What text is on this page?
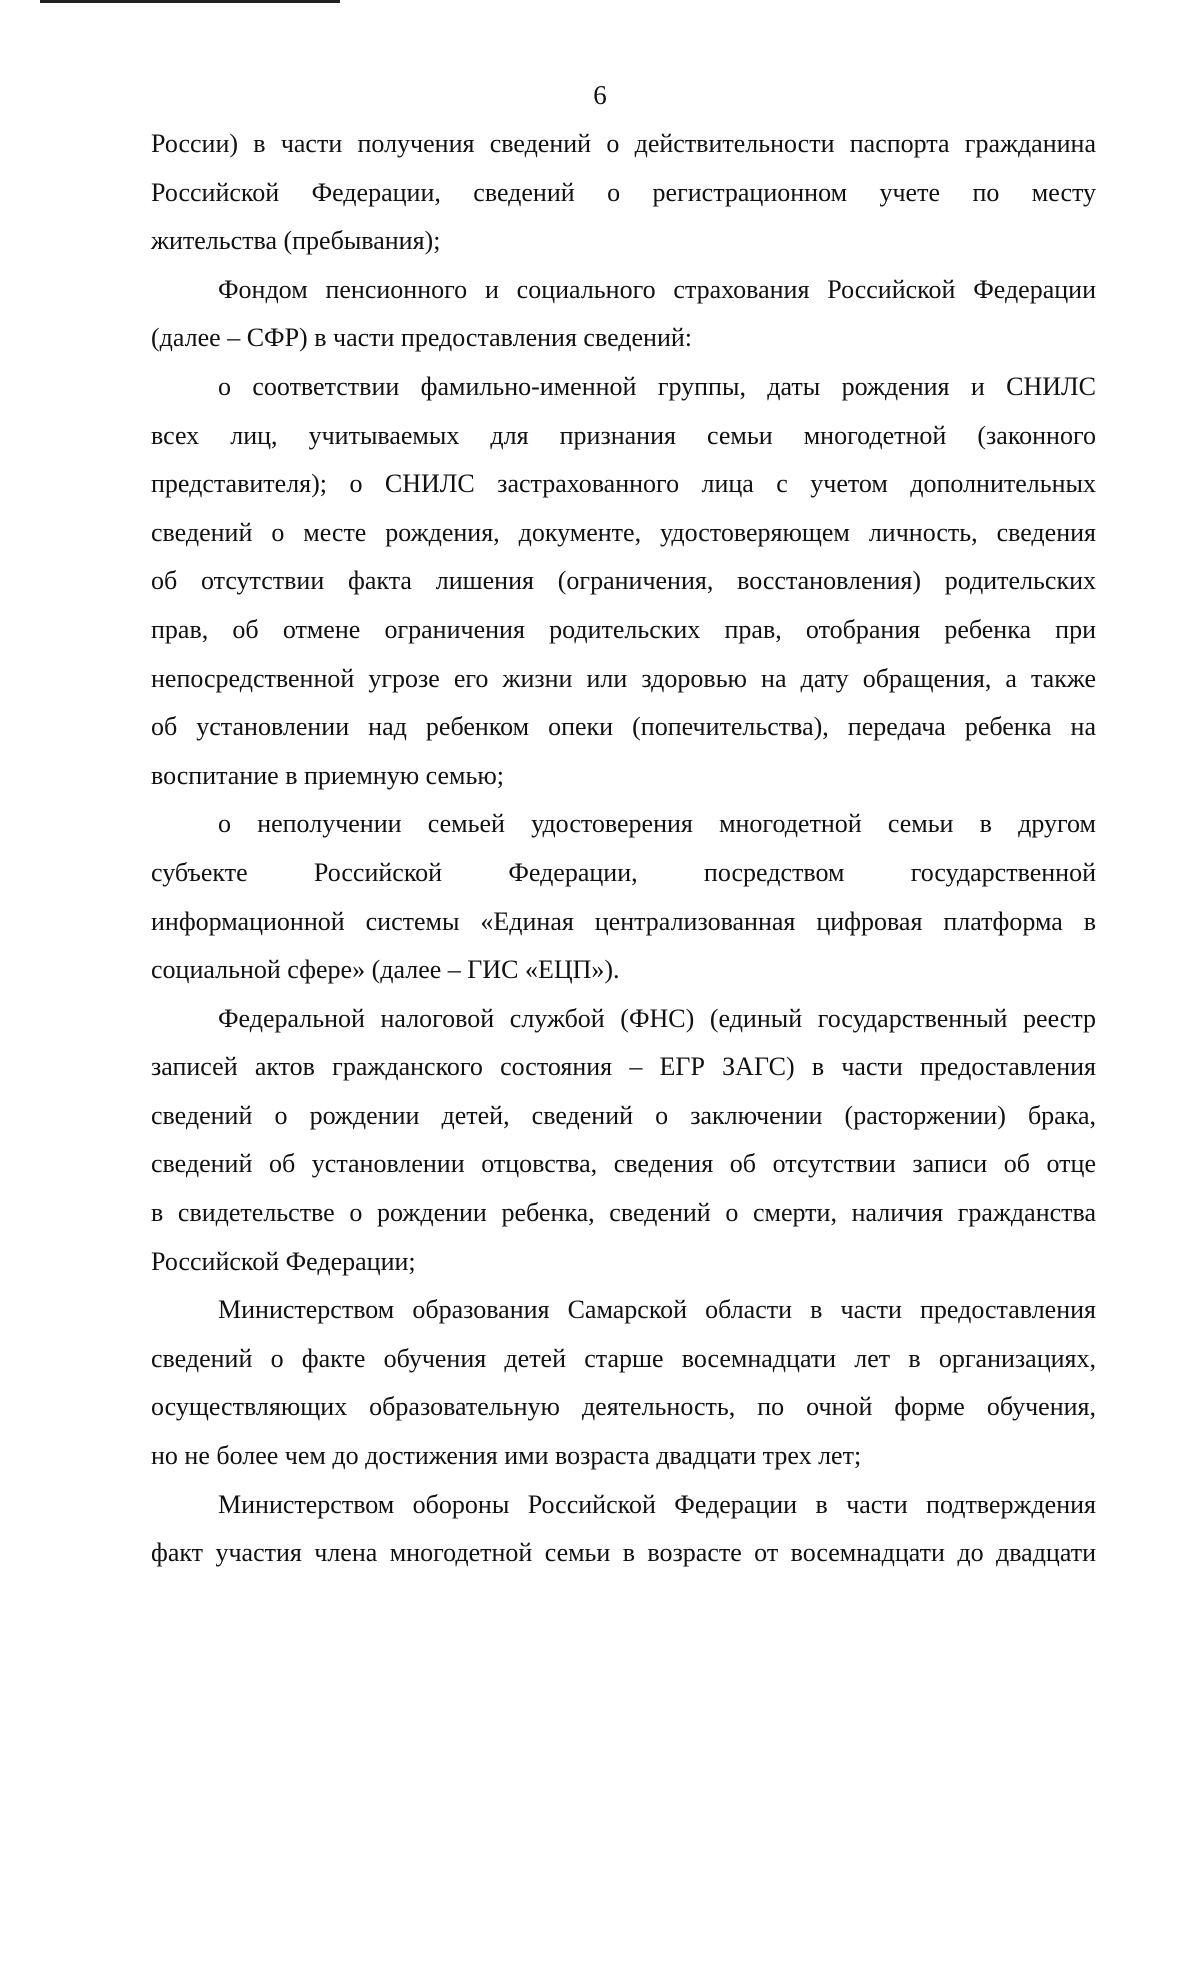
6
России) в части получения сведений о действительности паспорта гражданина
Российской Федерации, сведений о регистрационном учете по месту
жительства (пребывания);
Фондом пенсионного и социального страхования Российской Федерации
(далее – СФР) в части предоставления сведений:
о соответствии фамильно-именной группы, даты рождения и СНИЛС
всех лиц, учитываемых для признания семьи многодетной (законного
представителя); о СНИЛС застрахованного лица с учетом дополнительных
сведений о месте рождения, документе, удостоверяющем личность, сведения
об отсутствии факта лишения (ограничения, восстановления) родительских
прав, об отмене ограничения родительских прав, отобрания ребенка при
непосредственной угрозе его жизни или здоровью на дату обращения, а также
об установлении над ребенком опеки (попечительства), передача ребенка на
воспитание в приемную семью;
о неполучении семьей удостоверения многодетной семьи в другом
субъекте Российской Федерации, посредством государственной
информационной системы «Единая централизованная цифровая платформа в
социальной сфере» (далее – ГИС «ЕЦП»).
Федеральной налоговой службой (ФНС) (единый государственный реестр
записей актов гражданского состояния – ЕГР ЗАГС) в части предоставления
сведений о рождении детей, сведений о заключении (расторжении) брака,
сведений об установлении отцовства, сведения об отсутствии записи об отце
в свидетельстве о рождении ребенка, сведений о смерти, наличия гражданства
Российской Федерации;
Министерством образования Самарской области в части предоставления
сведений о факте обучения детей старше восемнадцати лет в организациях,
осуществляющих образовательную деятельность, по очной форме обучения,
но не более чем до достижения ими возраста двадцати трех лет;
Министерством обороны Российской Федерации в части подтверждения
факт участия члена многодетной семьи в возрасте от восемнадцати до двадцати
